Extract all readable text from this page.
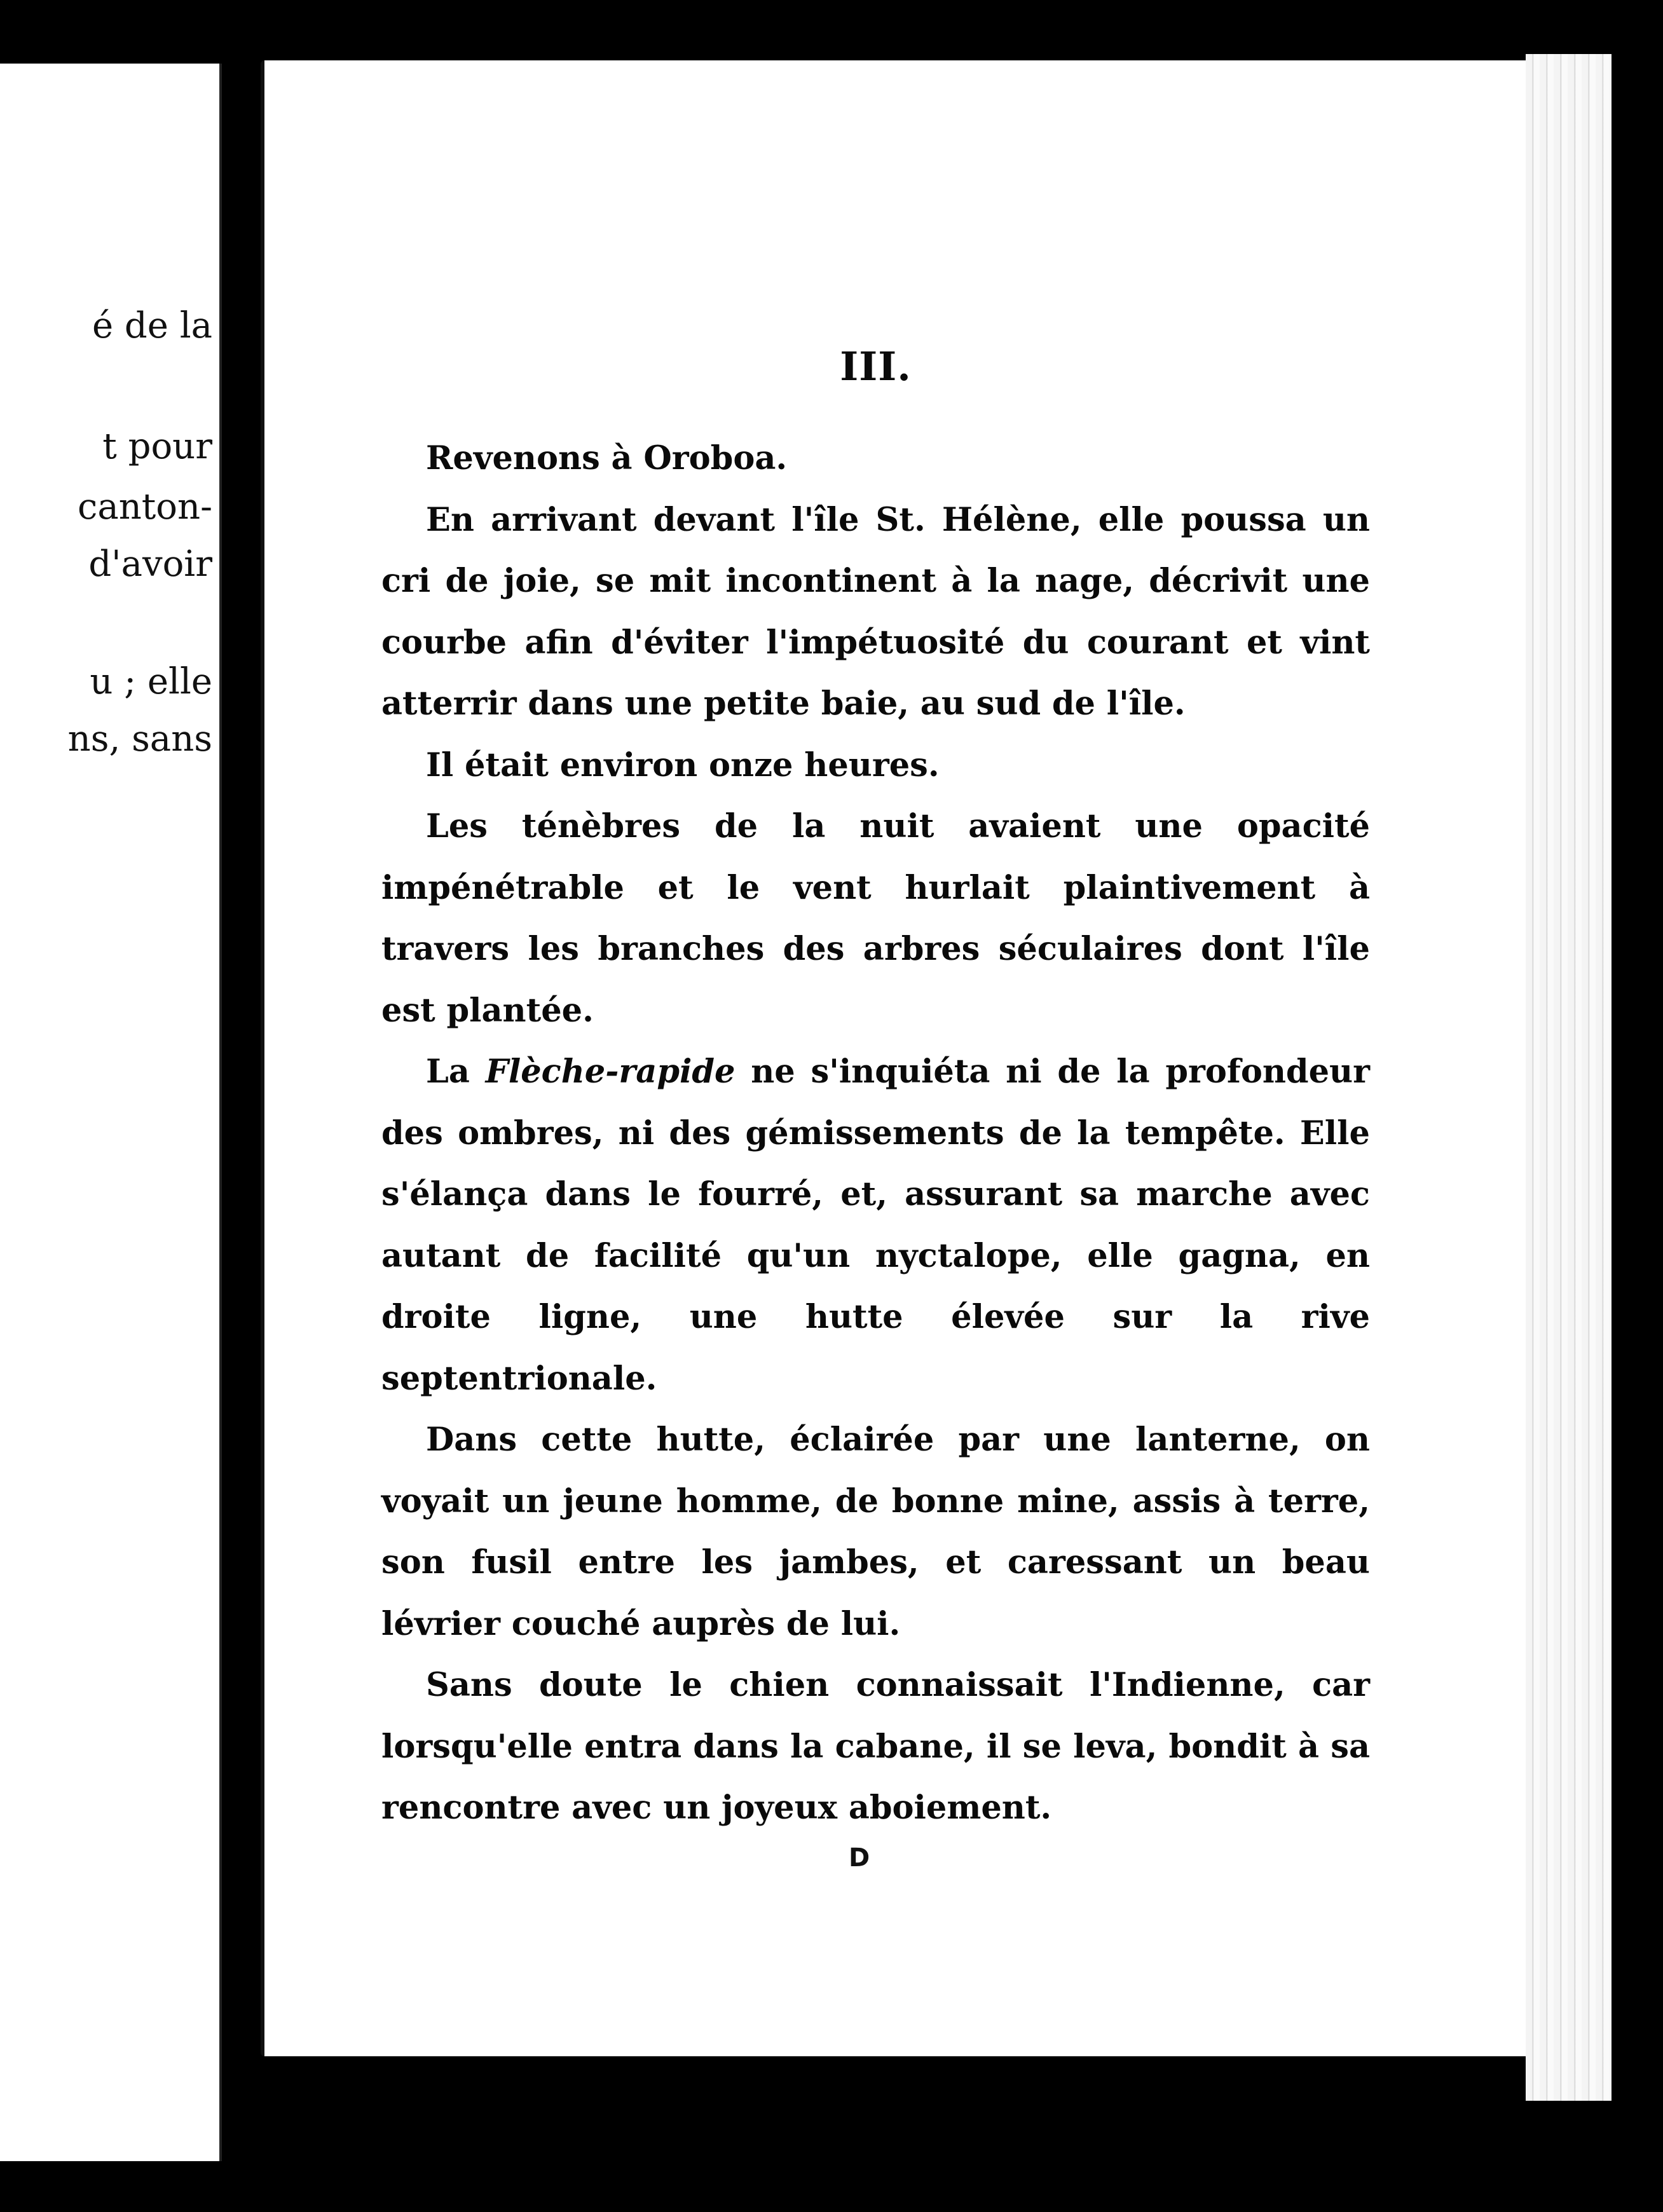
é de la
t pour
canton-
d'avoir
u ; elle
ns, sans
III.

Revenons à Oroboa.

En arrivant devant l'île St. Hélène, elle poussa un cri de joie, se mit incontinent à la nage, décrivit une courbe afin d'éviter l'impétuosité du courant et vint atterrir dans une petite baie, au sud de l'île.

Il était environ onze heures.

Les ténèbres de la nuit avaient une opacité impénétrable et le vent hurlait plaintivement à travers les branches des arbres séculaires dont l'île est plantée.

La Flèche-rapide ne s'inquiéta ni de la profondeur des ombres, ni des gémissements de la tempête. Elle s'élança dans le fourré, et, assurant sa marche avec autant de facilité qu'un nyctalope, elle gagna, en droite ligne, une hutte élevée sur la rive septentrionale.

Dans cette hutte, éclairée par une lanterne, on voyait un jeune homme, de bonne mine, assis à terre, son fusil entre les jambes, et caressant un beau lévrier couché auprès de lui.

Sans doute le chien connaissait l'Indienne, car lorsqu'elle entra dans la cabane, il se leva, bondit à sa rencontre avec un joyeux aboiement.

D
